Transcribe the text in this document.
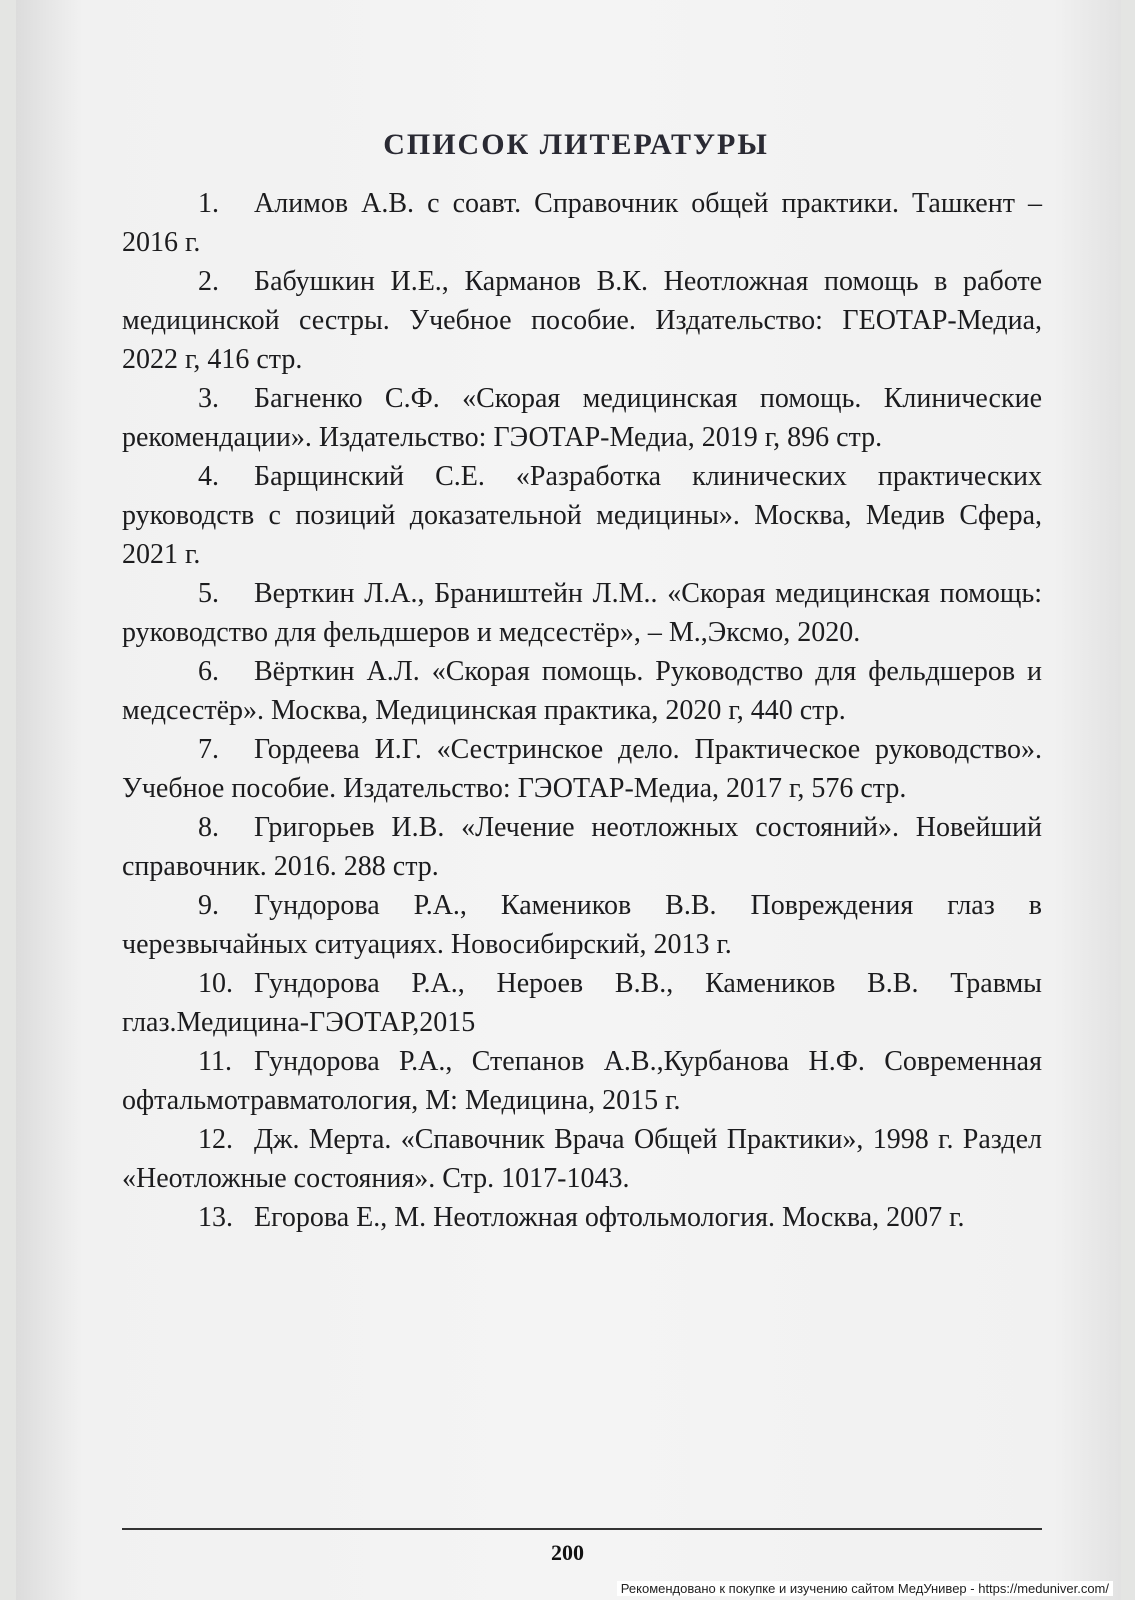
СПИСОК ЛИТЕРАТУРЫ

1. Алимов А.В. с соавт. Справочник общей практики. Ташкент – 2016 г.

2. Бабушкин И.Е., Карманов В.К. Неотложная помощь в работе медицинской сестры. Учебное пособие. Издательство: ГЕОТАР-Медиа, 2022 г, 416 стр.

3. Багненко С.Ф. «Скорая медицинская помощь. Клинические рекомендации». Издательство: ГЭОТАР-Медиа, 2019 г, 896 стр.

4. Барщинский С.Е. «Разработка клинических практических руководств с позиций доказательной медицины». Москва, Медив Сфера, 2021 г.

5. Верткин Л.А., Браништейн Л.М.. «Скорая медицинская помощь: руководство для фельдшеров и медсестёр», – М.,Эксмо, 2020.

6. Вёрткин А.Л. «Скорая помощь. Руководство для фельдшеров и медсестёр». Москва, Медицинская практика, 2020 г, 440 стр.

7. Гордеева И.Г. «Сестринское дело. Практическое руководство». Учебное пособие. Издательство: ГЭОТАР-Медиа, 2017 г, 576 стр.

8. Григорьев И.В. «Лечение неотложных состояний». Новейший справочник. 2016. 288 стр.

9. Гундорова Р.А., Камеников В.В. Повреждения глаз в черезвычайных ситуациях. Новосибирский, 2013 г.

10. Гундорова Р.А., Нероев В.В., Камеников В.В. Травмы глаз.Медицина-ГЭОТАР,2015

11. Гундорова Р.А., Степанов А.В.,Курбанова Н.Ф. Современная офтальмотравматология, М: Медицина, 2015 г.

12. Дж. Мерта. «Спавочник Врача Общей Практики», 1998 г. Раздел «Неотложные состояния». Стр. 1017-1043.

13. Егорова Е., М. Неотложная офтольмология. Москва, 2007 г.

200
Рекомендовано к покупке и изучению сайтом МедУнивер - https://meduniver.com/
